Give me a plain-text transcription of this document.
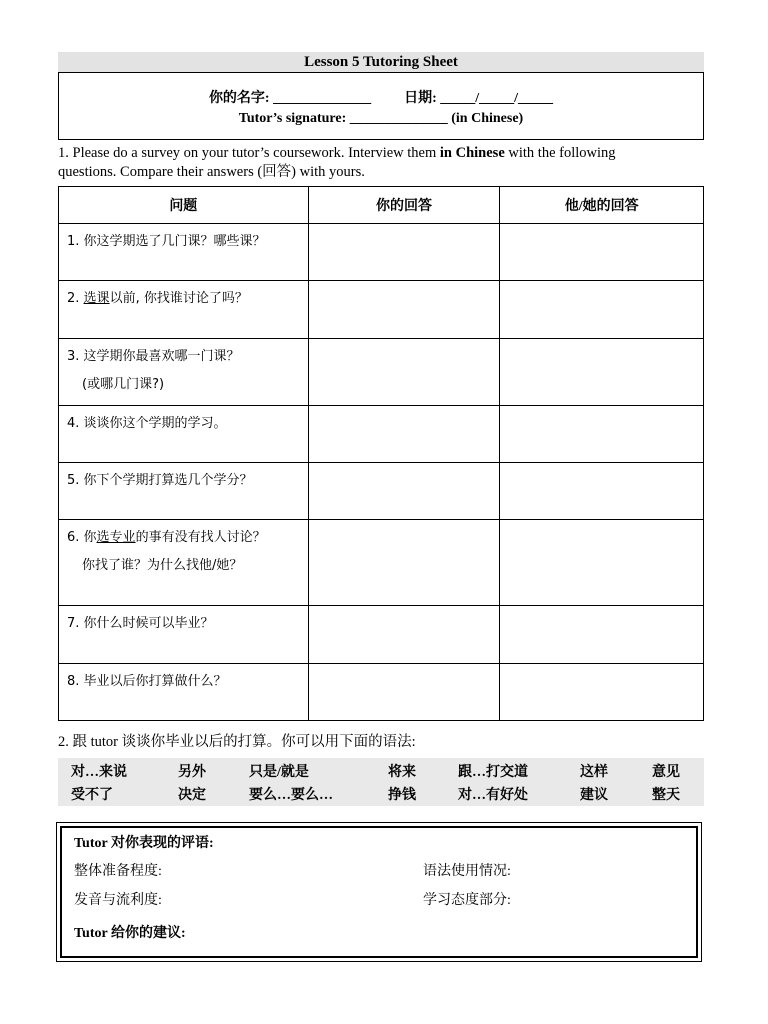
Lesson 5 Tutoring Sheet
你的名字: ______________ 日期: _____/_____/_____
Tutor’s signature: ______________ (in Chinese)
1. Please do a survey on your tutor’s coursework. Interview them in Chinese with the following
questions. Compare their answers (回答) with yours.
问题	你的回答	他/她的回答
1. 你这学期选了几门课？哪些课？		
2. 选课以前, 你找谁讨论了吗？		
3. 这学期你最喜欢哪一门课？
(或哪几门课?)		

4. 谈谈你这个学期的学习。		
5. 你下个学期打算选几个学分？		
6. 你选专业的事有没有找人讨论？
你找了谁？为什么找他/她？		

7. 你什么时候可以毕业？		
8. 毕业以后你打算做什么？		
2. 跟 tutor 谈谈你毕业以后的打算。你可以用下面的语法:
对…来说	另外	只是/就是	将来	跟…打交道	这样	意见
受不了	决定	要么…要么…	挣钱	对…有好处	建议	整天
Tutor 对你表现的评语:
整体准备程度:	语法使用情况:
发音与流利度:	学习态度部分:
Tutor 给你的建议:
